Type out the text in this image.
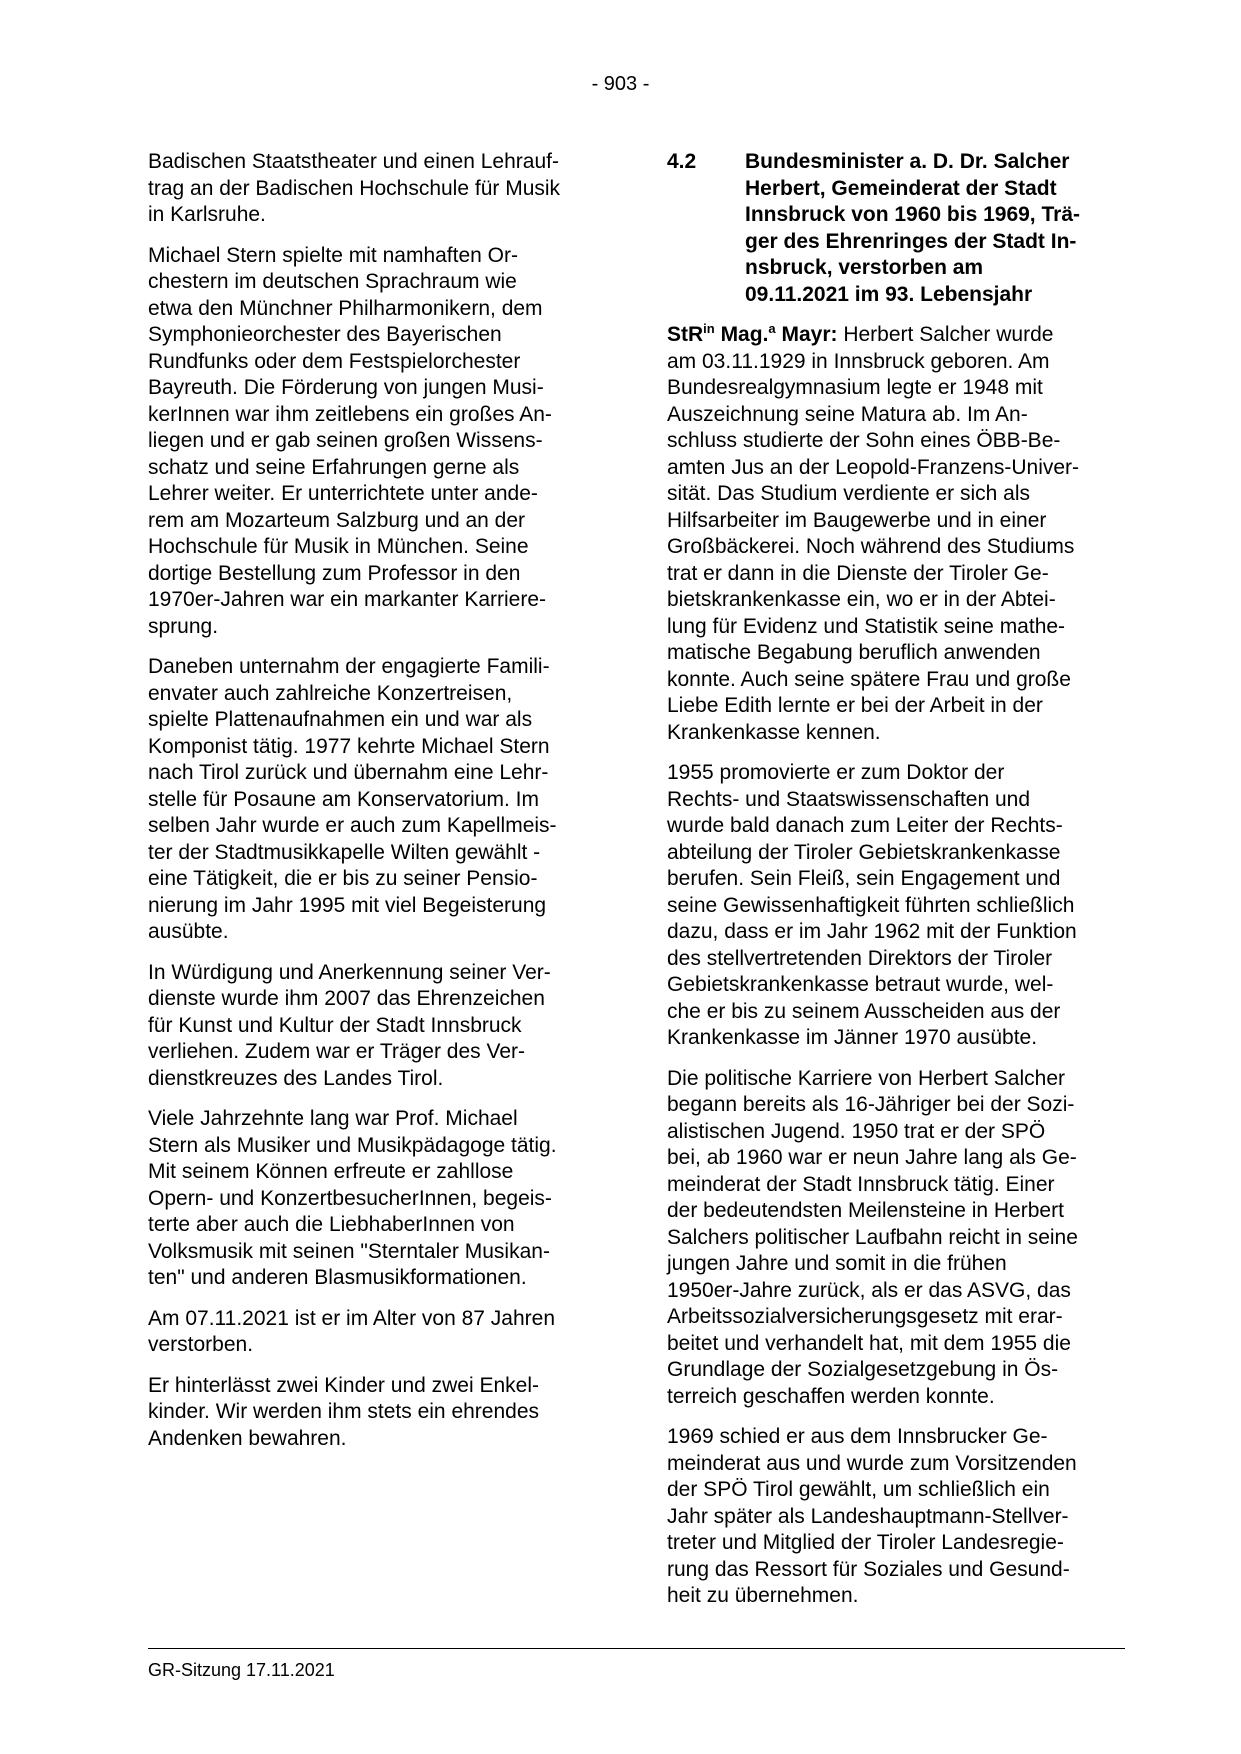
- 903 -

Badischen Staatstheater und einen Lehrauf-
trag an der Badischen Hochschule für Musik
in Karlsruhe.

Michael Stern spielte mit namhaften Or-
chestern im deutschen Sprachraum wie
etwa den Münchner Philharmonikern, dem
Symphonieorchester des Bayerischen
Rundfunks oder dem Festspielorchester
Bayreuth. Die Förderung von jungen Musi-
kerInnen war ihm zeitlebens ein großes An-
liegen und er gab seinen großen Wissens-
schatz und seine Erfahrungen gerne als
Lehrer weiter. Er unterrichtete unter ande-
rem am Mozarteum Salzburg und an der
Hochschule für Musik in München. Seine
dortige Bestellung zum Professor in den
1970er-Jahren war ein markanter Karriere-
sprung.

Daneben unternahm der engagierte Famili-
envater auch zahlreiche Konzertreisen,
spielte Plattenaufnahmen ein und war als
Komponist tätig. 1977 kehrte Michael Stern
nach Tirol zurück und übernahm eine Lehr-
stelle für Posaune am Konservatorium. Im
selben Jahr wurde er auch zum Kapellmeis-
ter der Stadtmusikkapelle Wilten gewählt -
eine Tätigkeit, die er bis zu seiner Pensio-
nierung im Jahr 1995 mit viel Begeisterung
ausübte.

In Würdigung und Anerkennung seiner Ver-
dienste wurde ihm 2007 das Ehrenzeichen
für Kunst und Kultur der Stadt Innsbruck
verliehen. Zudem war er Träger des Ver-
dienstkreuzes des Landes Tirol.

Viele Jahrzehnte lang war Prof. Michael
Stern als Musiker und Musikpädagoge tätig.
Mit seinem Können erfreute er zahllose
Opern- und KonzertbesucherInnen, begeis-
terte aber auch die LiebhaberInnen von
Volksmusik mit seinen "Sterntaler Musikan-
ten" und anderen Blasmusikformationen.

Am 07.11.2021 ist er im Alter von 87 Jahren
verstorben.

Er hinterlässt zwei Kinder und zwei Enkel-
kinder. Wir werden ihm stets ein ehrendes
Andenken bewahren.

4.2	Bundesminister a. D. Dr. Salcher
Herbert, Gemeinderat der Stadt
Innsbruck von 1960 bis 1969, Trä-
ger des Ehrenringes der Stadt In-
nsbruck, verstorben am
09.11.2021 im 93. Lebensjahr

StR$^{in}$ Mag.$^a$ Mayr: Herbert Salcher wurde
am 03.11.1929 in Innsbruck geboren. Am
Bundesrealgymnasium legte er 1948 mit
Auszeichnung seine Matura ab. Im An-
schluss studierte der Sohn eines ÖBB-Be-
amten Jus an der Leopold-Franzens-Univer-
sität. Das Studium verdiente er sich als
Hilfsarbeiter im Baugewerbe und in einer
Großbäckerei. Noch während des Studiums
trat er dann in die Dienste der Tiroler Ge-
bietskrankenkasse ein, wo er in der Abtei-
lung für Evidenz und Statistik seine mathe-
matische Begabung beruflich anwenden
konnte. Auch seine spätere Frau und große
Liebe Edith lernte er bei der Arbeit in der
Krankenkasse kennen.

1955 promovierte er zum Doktor der
Rechts- und Staatswissenschaften und
wurde bald danach zum Leiter der Rechts-
abteilung der Tiroler Gebietskrankenkasse
berufen. Sein Fleiß, sein Engagement und
seine Gewissenhaftigkeit führten schließlich
dazu, dass er im Jahr 1962 mit der Funktion
des stellvertretenden Direktors der Tiroler
Gebietskrankenkasse betraut wurde, wel-
che er bis zu seinem Ausscheiden aus der
Krankenkasse im Jänner 1970 ausübte.

Die politische Karriere von Herbert Salcher
begann bereits als 16-Jähriger bei der Sozi-
alistischen Jugend. 1950 trat er der SPÖ
bei, ab 1960 war er neun Jahre lang als Ge-
meinderat der Stadt Innsbruck tätig. Einer
der bedeutendsten Meilensteine in Herbert
Salchers politischer Laufbahn reicht in seine
jungen Jahre und somit in die frühen
1950er-Jahre zurück, als er das ASVG, das
Arbeitssozialversicherungsgesetz mit erar-
beitet und verhandelt hat, mit dem 1955 die
Grundlage der Sozialgesetzgebung in Ös-
terreich geschaffen werden konnte.

1969 schied er aus dem Innsbrucker Ge-
meinderat aus und wurde zum Vorsitzenden
der SPÖ Tirol gewählt, um schließlich ein
Jahr später als Landeshauptmann-Stellver-
treter und Mitglied der Tiroler Landesregie-
rung das Ressort für Soziales und Gesund-
heit zu übernehmen.

GR-Sitzung 17.11.2021
